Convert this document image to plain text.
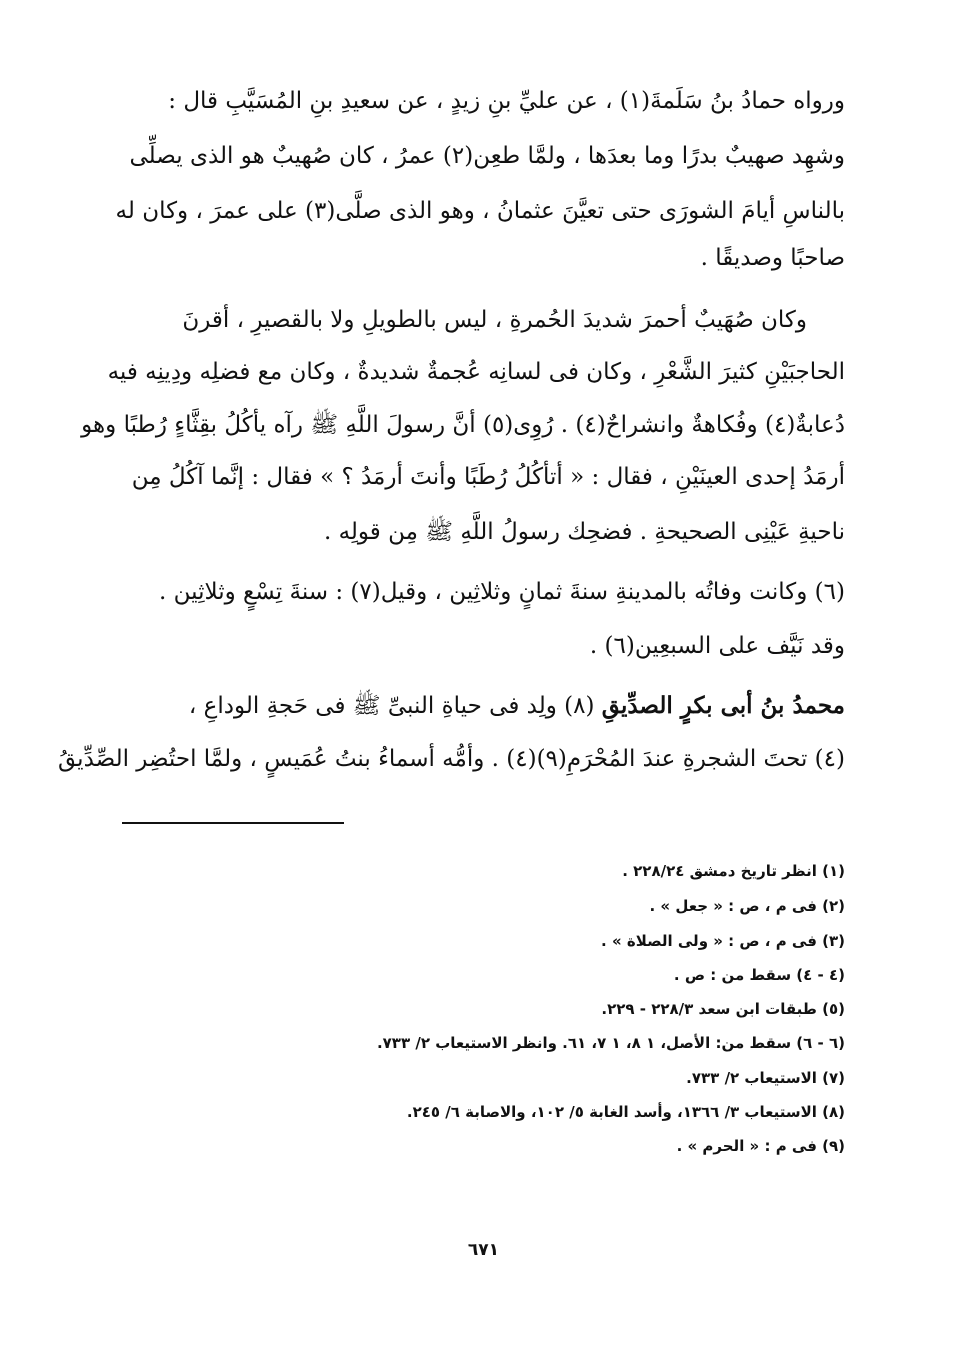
ورواه حمادُ بنُ سَلَمةَ(١) ، عن عليِّ بنِ زيدٍ ، عن سعيدِ بنِ المُسَيَّبِ قال :
وشهِد صهيبٌ بدرًا وما بعدَها ، ولمَّا طعِن(٢) عمرُ ، كان صُهيبٌ هو الذى يصلِّى
بالناسِ أيامَ الشورَى حتى تعيَّنَ عثمانُ ، وهو الذى صلَّى(٣) على عمرَ ، وكان له
صاحبًا وصديقًا .
وكان صُهَيبٌ أحمرَ شديدَ الحُمرةِ ، ليس بالطويلِ ولا بالقصيرِ ، أقرنَ
الحاجبَيْنِ كثيرَ الشَّعْرِ ، وكان فى لسانِه عُجمةٌ شديدةٌ ، وكان مع فضلِه ودِينِه فيه
دُعابةٌ(٤) وفُكاهةٌ وانشراحٌ(٤) . رُوِى(٥) أنَّ رسولَ اللَّهِ ﷺ رآه يأكُلُ بقِثَّاءٍ رُطبًا وهو
أرمَدُ إحدى العينَيْنِ ، فقال : « أتأكُلُ رُطَبًا وأنتَ أرمَدُ ؟ » فقال : إنَّما آكُلُ مِن
ناحيةِ عَيْنِى الصحيحةِ . فضحِك رسولُ اللَّهِ ﷺ مِن قولِه .
(٦) وكانت وفاتُه بالمدينةِ سنةَ ثمانٍ وثلاثِين ، وقيل(٧) : سنةَ تِسْعٍ وثلاثِين .
وقد نَيَّف على السبعِين(٦) .
محمدُ بنُ أبى بكرٍ الصدِّيقِ (٨) ولِد فى حياةِ النبىِّ ﷺ فى حَجةِ الوداعِ ،
(٤) تحتَ الشجرةِ عندَ المُحْرَمِ(٩)(٤) . وأمُّه أسماءُ بنتُ عُمَيسٍ ، ولمَّا احتُضِر الصِّدِّيقُ
(١) انظر تاريخ دمشق ٢٢٨/٢٤ .
(٢) فى م ، ص : « جعل » .
(٣) فى م ، ص : « ولى الصلاة » .
(٤ - ٤) سقط من : ص .
(٥) طبقات ابن سعد ٢٢٨/٣ - ٢٢٩.
(٦ - ٦) سقط من: الأصل، ١ ٨، ١ ٧، ٦١. وانظر الاستيعاب ٢/ ٧٣٣.
(٧) الاستيعاب ٢/ ٧٣٣.
(٨) الاستيعاب ٣/ ١٣٦٦، وأسد الغابة ٥/ ١٠٢، والاصابة ٦/ ٢٤٥.
(٩) فى م : « الحرم » .
٦٧١
